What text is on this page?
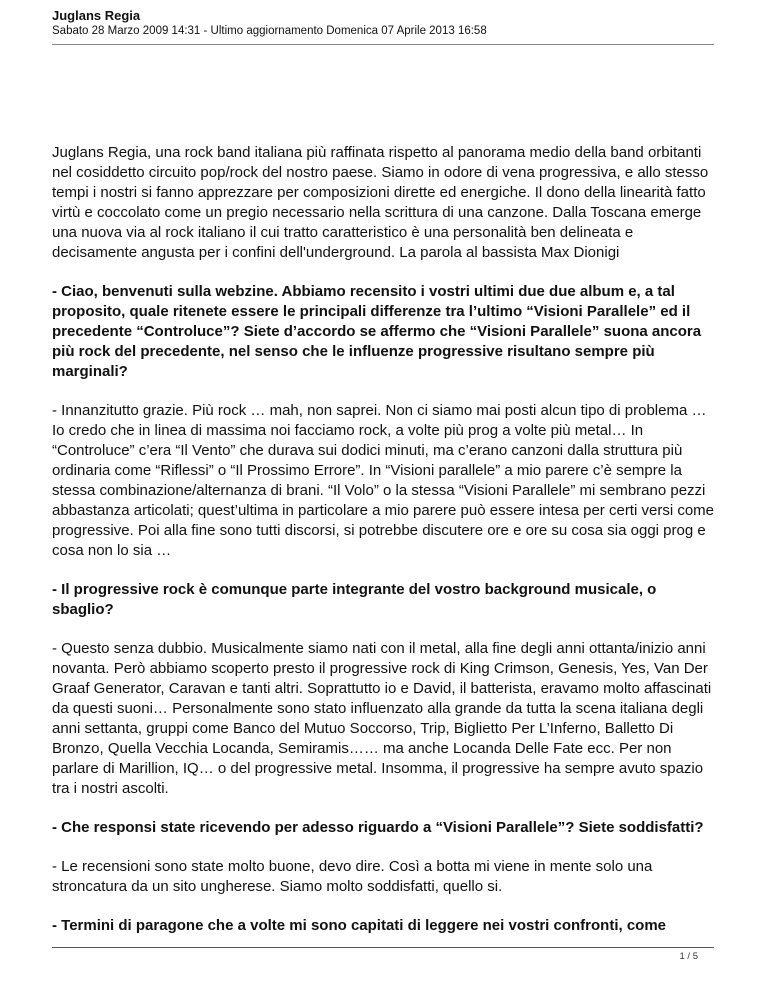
Juglans Regia
Sabato 28 Marzo 2009 14:31 - Ultimo aggiornamento Domenica 07 Aprile 2013 16:58

Juglans Regia, una rock band italiana più raffinata rispetto al panorama medio della band orbitanti nel cosiddetto circuito pop/rock del nostro paese. Siamo in odore di vena progressiva, e allo stesso tempi i nostri si fanno apprezzare per composizioni dirette ed energiche. Il dono della linearità fatto virtù e coccolato come un pregio necessario nella scrittura di una canzone. Dalla Toscana emerge una nuova via al rock italiano il cui tratto caratteristico è una personalità ben delineata e decisamente angusta per i confini dell'underground. La parola al bassista Max Dionigi

- Ciao, benvenuti sulla webzine. Abbiamo recensito i vostri ultimi due due album e, a tal proposito, quale ritenete essere le principali differenze tra l’ultimo “Visioni Parallele” ed il precedente “Controluce”? Siete d’accordo se affermo che “Visioni Parallele” suona ancora più rock del precedente, nel senso che le influenze progressive risultano sempre più marginali?

- Innanzitutto grazie. Più rock … mah, non saprei. Non ci siamo mai posti alcun tipo di problema … Io credo che in linea di massima noi facciamo rock, a volte più prog a volte più metal… In “Controluce” c’era “Il Vento” che durava sui dodici minuti, ma c’erano canzoni dalla struttura più ordinaria come “Riflessi” o “Il Prossimo Errore”. In “Visioni parallele” a mio parere c’è sempre la stessa combinazione/alternanza di brani. “Il Volo” o la stessa “Visioni Parallele” mi sembrano pezzi abbastanza articolati; quest’ultima in particolare a mio parere può essere intesa per certi versi come progressive. Poi alla fine sono tutti discorsi, si potrebbe discutere ore e ore su cosa sia oggi prog e cosa non lo sia …

- Il progressive rock è comunque parte integrante del vostro background musicale, o sbaglio?

- Questo senza dubbio. Musicalmente siamo nati con il metal, alla fine degli anni ottanta/inizio anni novanta. Però abbiamo scoperto presto il progressive rock di King Crimson, Genesis, Yes, Van Der Graaf Generator, Caravan e tanti altri. Soprattutto io e David, il batterista, eravamo molto affascinati da questi suoni… Personalmente sono stato influenzato alla grande da tutta la scena italiana degli anni settanta, gruppi come Banco del Mutuo Soccorso, Trip, Biglietto Per L’Inferno, Balletto Di Bronzo, Quella Vecchia Locanda, Semiramis…… ma anche Locanda Delle Fate ecc. Per non parlare di Marillion, IQ… o del progressive metal. Insomma, il progressive ha sempre avuto spazio tra i nostri ascolti.

- Che responsi state ricevendo per adesso riguardo a “Visioni Parallele”? Siete soddisfatti?

- Le recensioni sono state molto buone, devo dire. Così a botta mi viene in mente solo una stroncatura da un sito ungherese. Siamo molto soddisfatti, quello si.

- Termini di paragone che a volte mi sono capitati di leggere nei vostri confronti, come

1 / 5
